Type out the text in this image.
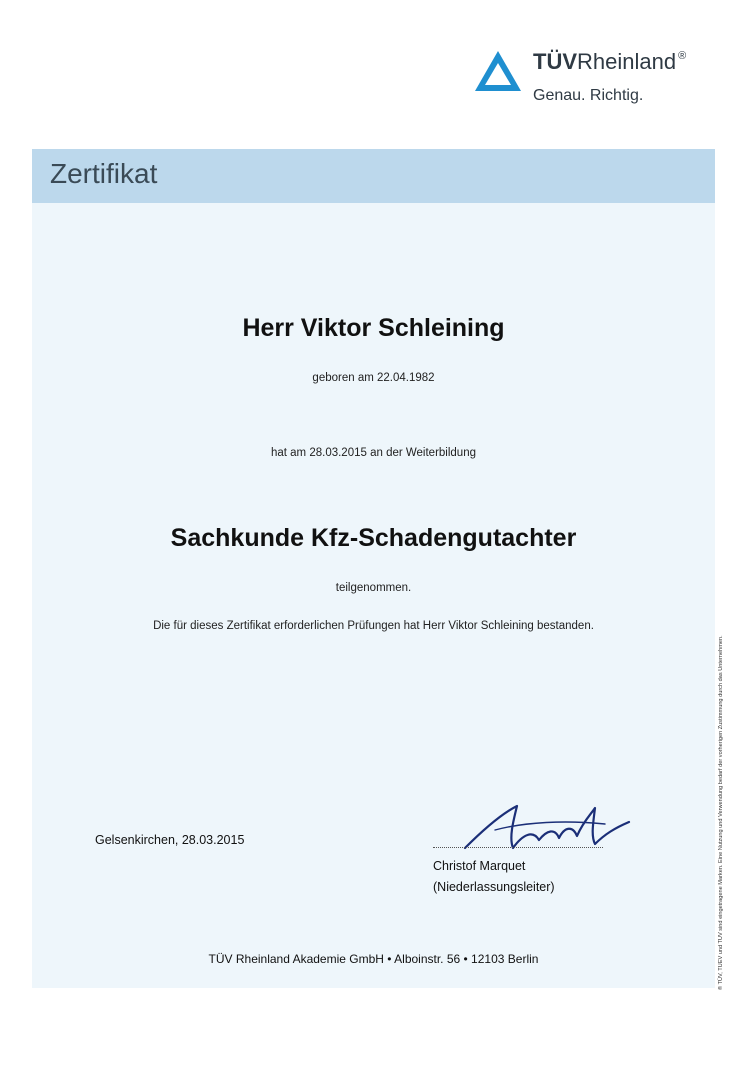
TÜVRheinland ®
Genau. Richtig.
Zertifikat
Herr Viktor Schleining
geboren am 22.04.1982
hat am 28.03.2015 an der Weiterbildung
Sachkunde Kfz-Schadengutachter
teilgenommen.
Die für dieses Zertifikat erforderlichen Prüfungen hat Herr Viktor Schleining bestanden.
Gelsenkirchen, 28.03.2015
Christof Marquet
(Niederlassungsleiter)
TÜV Rheinland Akademie GmbH • Alboinstr. 56 • 12103 Berlin	® TÜV, TUEV und TUV sind eingetragene Marken. Eine Nutzung und Verwendung bedarf der vorherigen Zustimmung durch das Unternehmen.
